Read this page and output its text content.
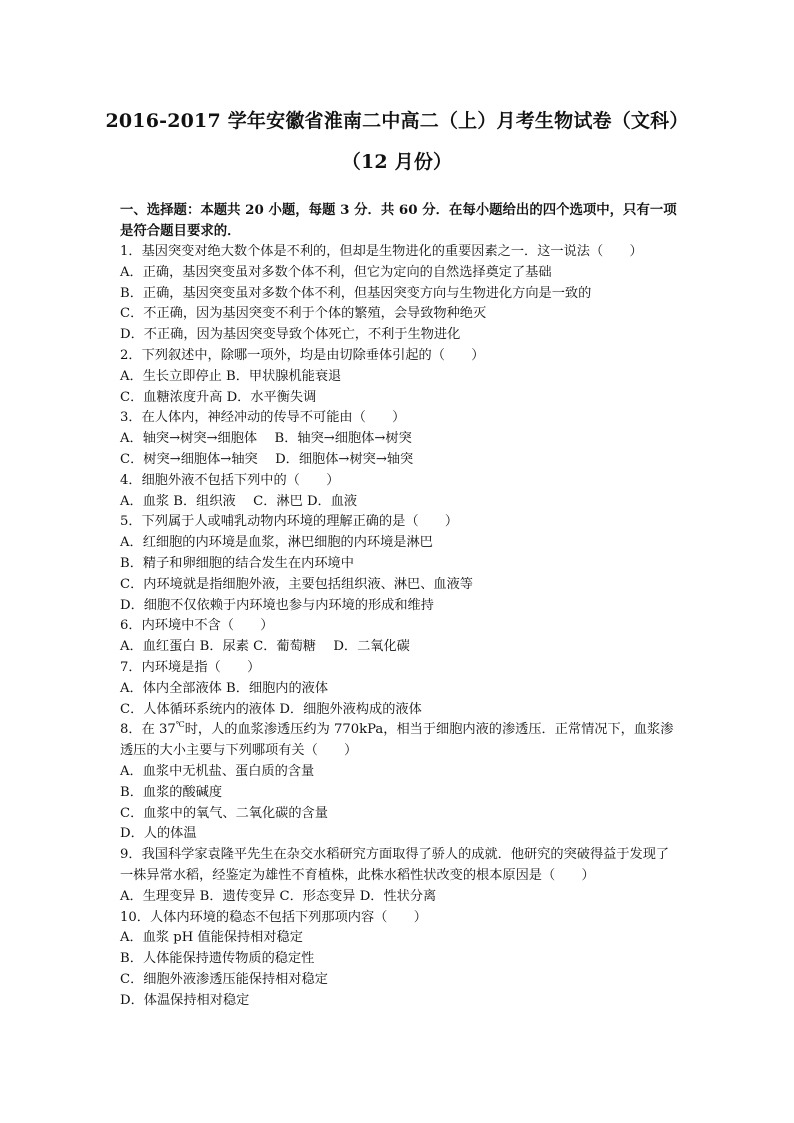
2016-2017 学年安徽省淮南二中高二（上）月考生物试卷（文科）
（12 月份）
一、选择题：本题共 20 小题，每题 3 分．共 60 分．在每小题给出的四个选项中，只有一项是符合题目要求的．
1．基因突变对绝大数个体是不利的，但却是生物进化的重要因素之一．这一说法（　　）
A．正确，基因突变虽对多数个体不利，但它为定向的自然选择奠定了基础
B．正确，基因突变虽对多数个体不利，但基因突变方向与生物进化方向是一致的
C．不正确，因为基因突变不利于个体的繁殖，会导致物种绝灭
D．不正确，因为基因突变导致个体死亡，不利于生物进化
2．下列叙述中，除哪一项外，均是由切除垂体引起的（　　）
A．生长立即停止 B．甲状腺机能衰退
C．血糖浓度升高 D．水平衡失调
3．在人体内，神经冲动的传导不可能由（　　）
A．轴突→树突→细胞体　 B．轴突→细胞体→树突
C．树突→细胞体→轴突　 D．细胞体→树突→轴突
4．细胞外液不包括下列中的（　　）
A．血浆 B．组织液　 C．淋巴 D．血液
5．下列属于人或哺乳动物内环境的理解正确的是（　　）
A．红细胞的内环境是血浆，淋巴细胞的内环境是淋巴
B．精子和卵细胞的结合发生在内环境中
C．内环境就是指细胞外液，主要包括组织液、淋巴、血液等
D．细胞不仅依赖于内环境也参与内环境的形成和维持
6．内环境中不含（　　）
A．血红蛋白 B．尿素 C．葡萄糖　 D．二氧化碳
7．内环境是指（　　）
A．体内全部液体 B．细胞内的液体
C．人体循环系统内的液体 D．细胞外液构成的液体
8．在 37℃时，人的血浆渗透压约为 770kPa，相当于细胞内液的渗透压．正常情况下，血浆渗透压的大小主要与下列哪项有关（　　）
A．血浆中无机盐、蛋白质的含量
B．血浆的酸碱度
C．血浆中的氧气、二氧化碳的含量
D．人的体温
9．我国科学家袁隆平先生在杂交水稻研究方面取得了骄人的成就．他研究的突破得益于发现了一株异常水稻，经鉴定为雄性不育植株，此株水稻性状改变的根本原因是（　　）
A．生理变异 B．遗传变异 C．形态变异 D．性状分离
10．人体内环境的稳态不包括下列那项内容（　　）
A．血浆 pH 值能保持相对稳定
B．人体能保持遗传物质的稳定性
C．细胞外液渗透压能保持相对稳定
D．体温保持相对稳定
